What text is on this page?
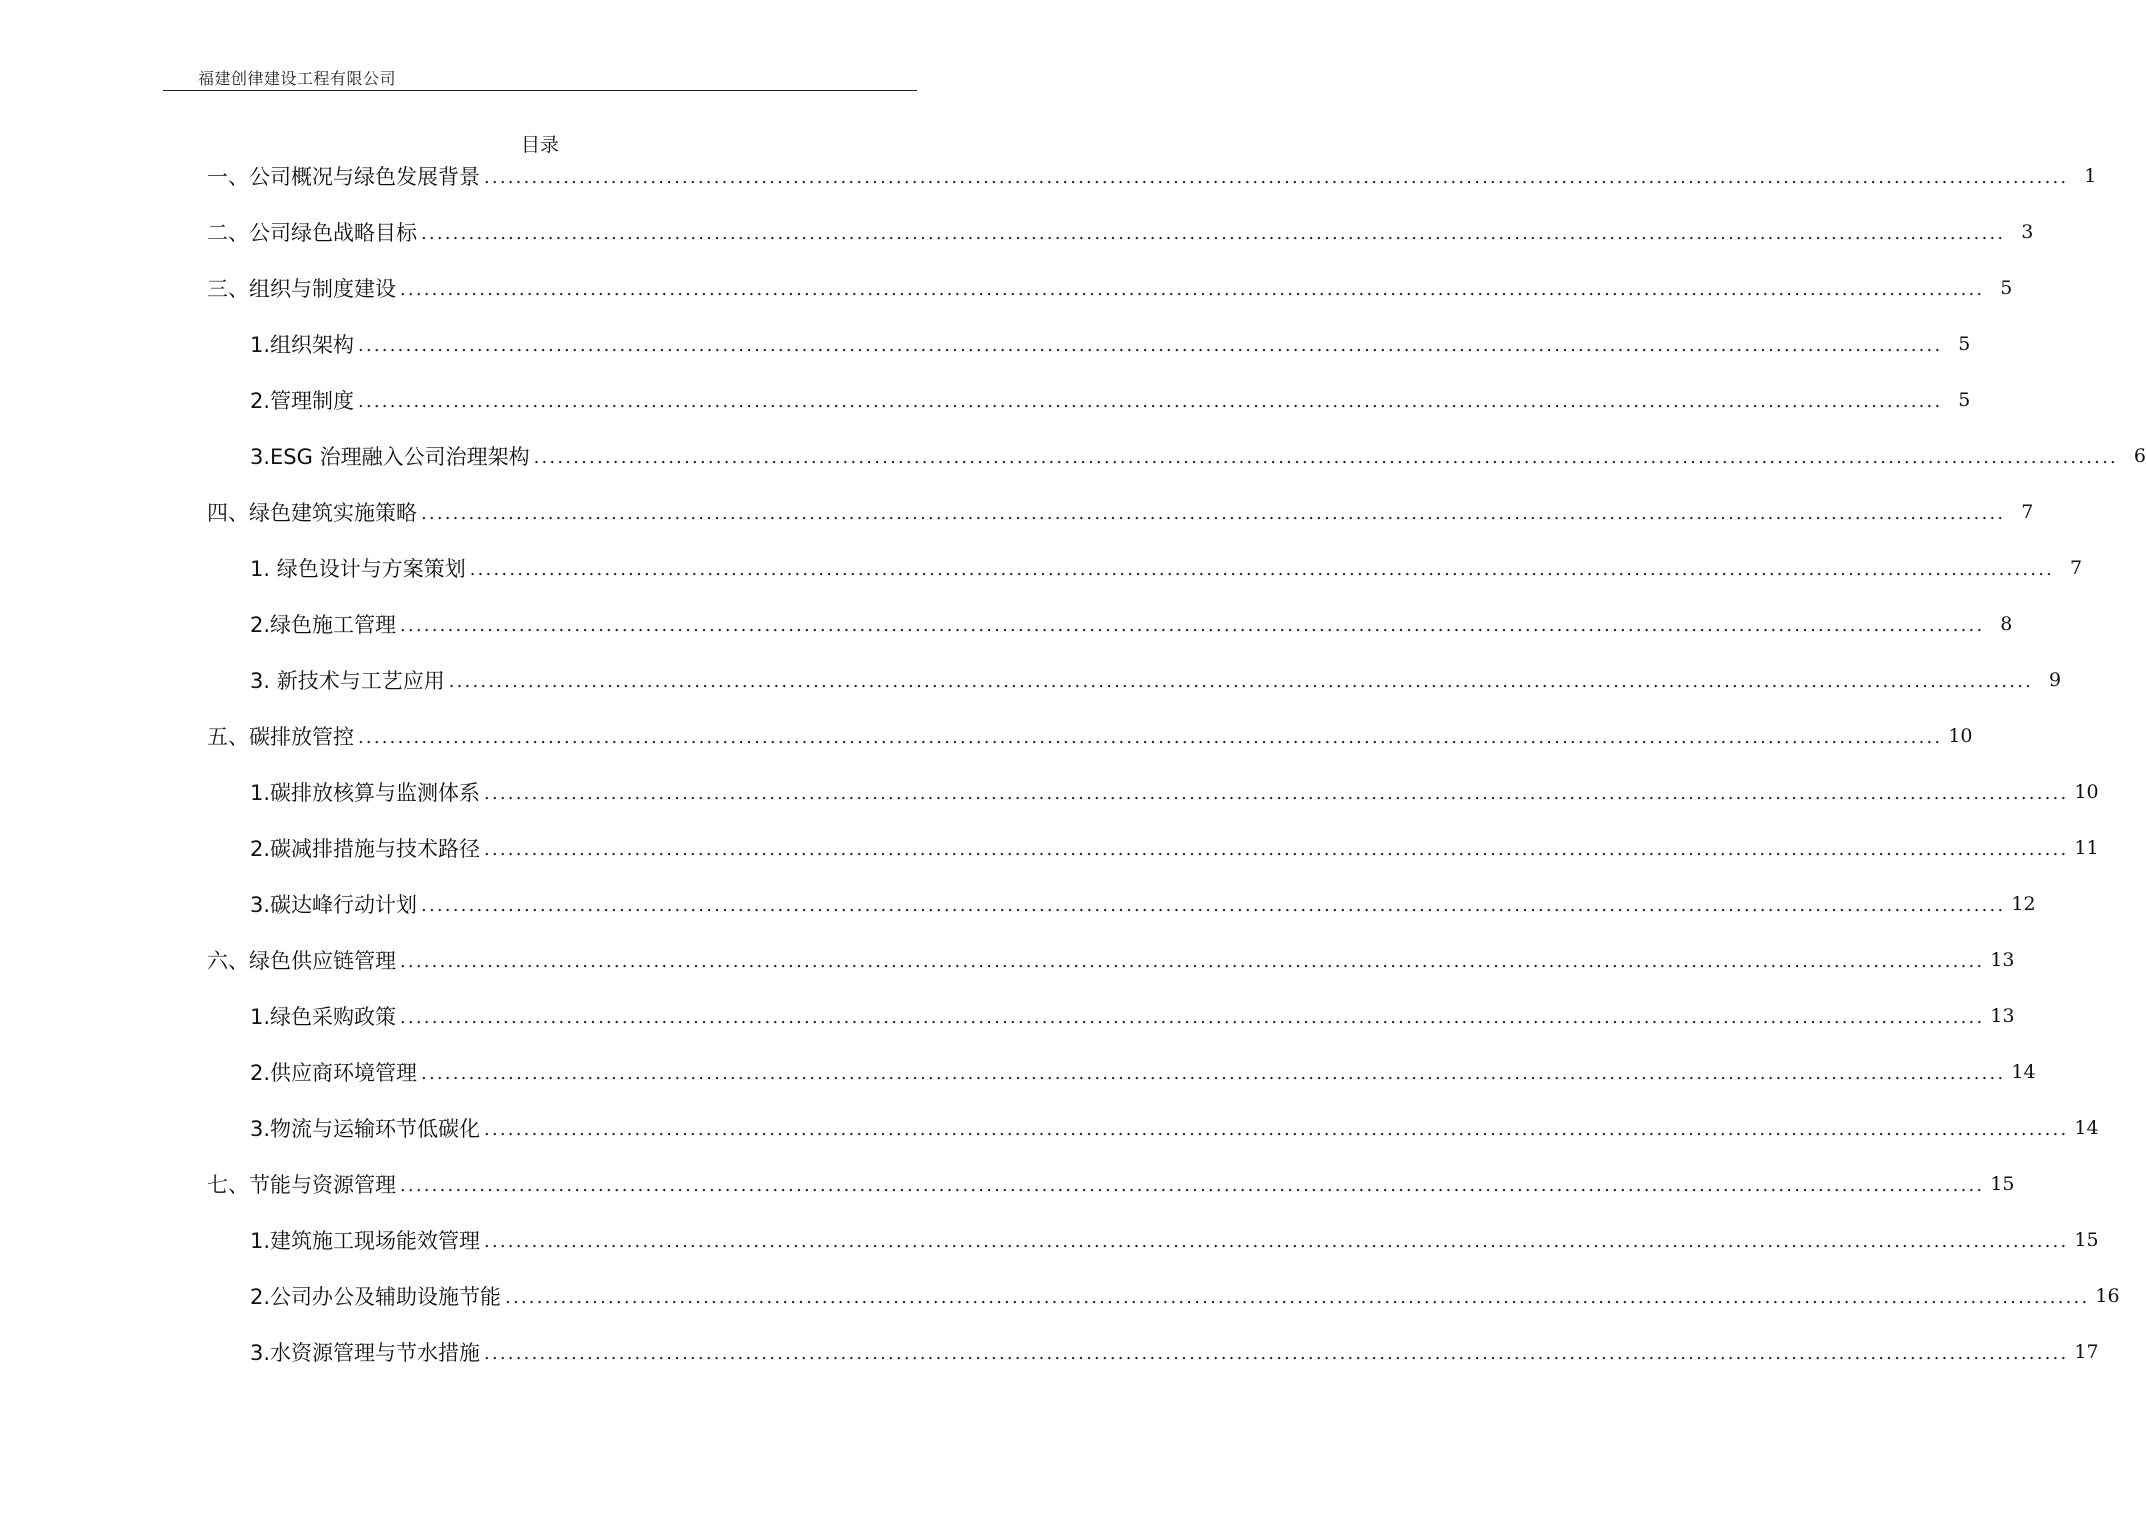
福建创律建设工程有限公司
目录
一、公司概况与绿色发展背景 ........................................................................................................................................................................................................ 1
二、公司绿色战略目标 ........................................................................................................................................................................................................ 3
三、组织与制度建设 ........................................................................................................................................................................................................ 5
1.组织架构 ........................................................................................................................................................................................................ 5
2.管理制度 ........................................................................................................................................................................................................ 5
3.ESG 治理融入公司治理架构 ........................................................................................................................................................................................................ 6
四、绿色建筑实施策略 ........................................................................................................................................................................................................ 7
1. 绿色设计与方案策划 ........................................................................................................................................................................................................ 7
2.绿色施工管理 ........................................................................................................................................................................................................ 8
3. 新技术与工艺应用 ........................................................................................................................................................................................................ 9
五、碳排放管控 ........................................................................................................................................................................................................ 10
1.碳排放核算与监测体系 ........................................................................................................................................................................................................ 10
2.碳减排措施与技术路径 ........................................................................................................................................................................................................ 11
3.碳达峰行动计划 ........................................................................................................................................................................................................ 12
六、绿色供应链管理 ........................................................................................................................................................................................................ 13
1.绿色采购政策 ........................................................................................................................................................................................................ 13
2.供应商环境管理 ........................................................................................................................................................................................................ 14
3.物流与运输环节低碳化 ........................................................................................................................................................................................................ 14
七、节能与资源管理 ........................................................................................................................................................................................................ 15
1.建筑施工现场能效管理 ........................................................................................................................................................................................................ 15
2.公司办公及辅助设施节能 ........................................................................................................................................................................................................ 16
3.水资源管理与节水措施 ........................................................................................................................................................................................................ 17
